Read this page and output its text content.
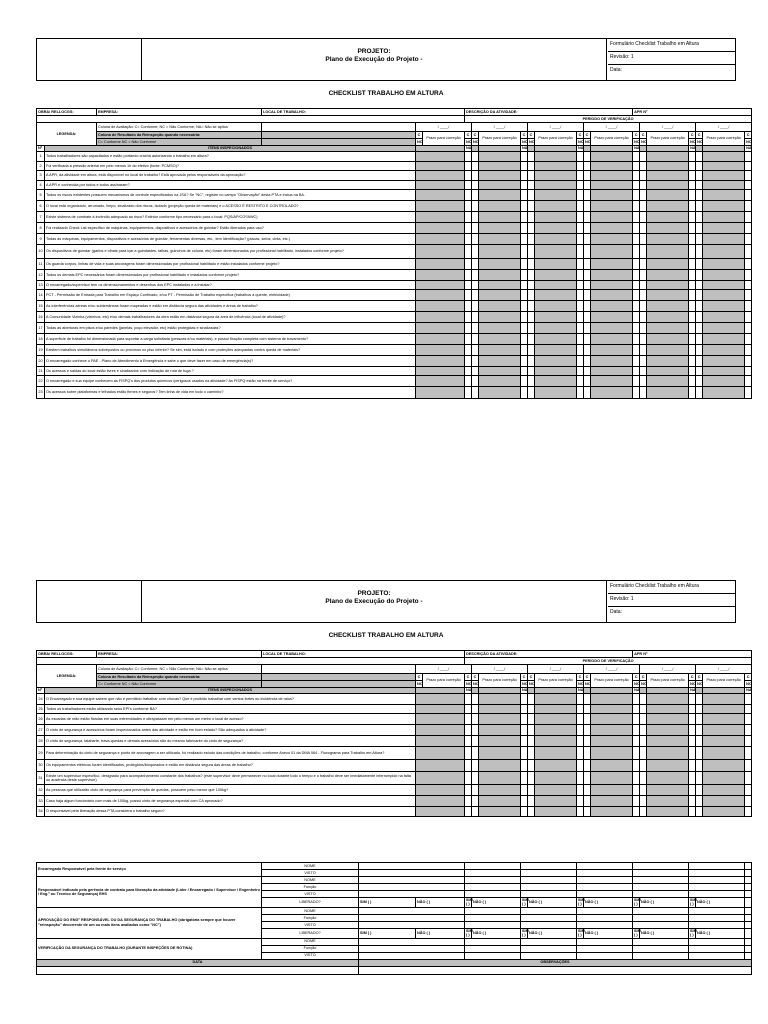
PROJETO:
Plano de Execução do Projeto -
Formulário Checklist Trabalho em Altura
Revisão: 1
Data:
CHECKLIST TRABALHO EM ALTURA
OBRA/ RELLOCGS:		EMPRESA:	LOCAL DE TRABALHO:			DESCRIÇÃO DA ATIVIDADE:									APR Nº							
						PERÍODO DE VERIFICAÇÃO																
LEGENDA:		Coluna de Avaliação: C= Conforme; NC = Não Conforme; NA= Não se aplica		/ ____/			/ ____/			/ ____/			/ ____/			/ ____/			/ ____/			
		Coluna de Resultado da Reinspeção quando necessária:		C	Prazo para correção	C	C	Prazo para correção	C	C	Prazo para correção	C	C	Prazo para correção	C	C	Prazo para correção	C	C	Prazo para correção	C	
		C= Conforme NC = Não Conforme		NC		NC	NC		NC	NC		NC	NC		NC	NC		NC	NC		NC	
Nº	ITENS INSPECIONADOS					NA			NA			NA			NA			NA			NA		
1	Todos trabalhadores são capacitados e estão portando crachá autorizando o trabalho em altura?																					
2	Foi verificada a pressão arterial em pelo menos 1h do efetivo (fonte: PCMSO)?																					
3	A APR, da atividade em altura, está disponível no local de trabalho? Está aprovada pelos responsáveis da aprovação?																					
4	A APR é conhecida por todos e todos assinaram?																					
5	Todos os riscos existentes possuem mecanismos de controle especificados na JSA? Se "NC", registre no campo "Observação" desta PTA e inclua na BA.																					
6	O local está organizado, arrumado, limpo, sinalizado dos riscos, isolado (projeção queda de materiais) e o ACESSO É RESTRITO E CONTROLADO?																					
7	Existe sistema de combate à incêndio adequado ao risco? Extintor conforme tipo necessário para o local: PQS/AP/CO²/AWC)																					
8	Foi realizado Check List específico de máquinas, equipamentos, dispositivos e acessórios de guindar? Estão liberados para uso?																					
9	Todas as máquinas, equipamentos, dispositivos e acessórios de guindar, ferramentas diversas, etc., tem identificação? (placas, selos, cinta, etc.)																					
10	Os dispositivos de guindar (garfos e olhais para içar a guindastes, talhas, guinchos de coluna, etc) foram dimensionados por profissional habilitado, instalados conforme projeto?																					
11	Os guarda corpos, linhas de vida e suas ancoragens foram dimensionadas por profissional habilitado e estão instalados conforme projeto?																					
12	Todos os demais EPC necessários foram dimensionados por profissional habilitado e instalados conforme projeto?																					
13	O encarregado/supervisor tem os dimensionamentos e desenhos dos EPC instalados e a instalar?																					
14	PCT - Permissão de Entrada para Trabalho em Espaço Confinado, e/ou PT - Permissão de Trabalho específica (trabalhos a quente, eletricidade)																					
15	As interferências aéreas e/ou subterrâneas foram mapeadas e estão em distância segura das atividades e áreas de trabalho?																					
16	A Comunidade Vizinha (vizinhos, etc) e/ou demais trabalhadores da obra estão em distância segura da área de influência (local de atividade)?																					
17	Todas as aberturas em pisos e/ou paredes (janelas, poço elevador, etc) estão protegidas e sinalizadas?																					
18	A superfície de trabalho foi dimensionada para suportar a carga solicitada (pessoas e/ou materiais), e possui fixação completa com sistema de travamento?																					
19	Existem trabalhos simultâneos sobrepostos ou próximos no piso inferior? Se sim, está isolado e com proteções adequadas contra queda de materiais?																					
20	O encarregado conhece o PAE - Plano de Atendimento à Emergência e sabe o que deve fazer em caso de emergência(s)?																					
21	Os acessos e saídas do local estão livres e sinalizados com indicação de rota de fuga ?																					
22	O encarregado e sua equipe conhecem as FISPQ's dos produtos químicos /perigosos usados na atividade? As FISPQ estão na frente de serviço?																					
23	Os acessos sobre plataformas e telhados estão firmes e seguros? Tem linha de vida em todo o caminho?																					
PROJETO:
Plano de Execução do Projeto -
Formulário Checklist Trabalho em Altura
Revisão: 1
Data:
CHECKLIST TRABALHO EM ALTURA
OBRA/ RELLOCGS:		EMPRESA:	LOCAL DE TRABALHO:			DESCRIÇÃO DA ATIVIDADE:									APR Nº							
						PERÍODO DE VERIFICAÇÃO																
LEGENDA:		Coluna de Avaliação: C= Conforme; NC = Não Conforme; NA= Não se aplica		/ ____/			/ ____/			/ ____/			/ ____/			/ ____/			/ ____/			
		Coluna de Resultado da Reinspeção quando necessária:		C	Prazo para correção	C	C	Prazo para correção	C	C	Prazo para correção	C	C	Prazo para correção	C	C	Prazo para correção	C	C	Prazo para correção	C	
		C= Conforme NC = Não Conforme		NC		NC	NC		NC	NC		NC	NC		NC	NC		NC	NC		NC	
Nº	ITENS INSPECIONADOS					NA			NA			NA			NA			NA			NA		
24	O Encarregado e sua equipe sabem que não é permitido trabalhar com chuvas? Que é proibido trabalhar com ventos fortes ou incidência de raios?																					
25	Todos os trabalhadores estão utilizando seus EPI's conforme BA?																					
26	As escadas de mão estão fixadas em suas extremidades e ultrapassam em pelo menos um metro o local de acesso?																					
27	O cinto de segurança e acessórios foram inspecionados antes das atividade e estão em bom estado? São adequados à atividade?																					
28	O cinto de segurança, talabarte, trava-quedas e demais acessórios são do mesmo fabricante do cinto de segurança?																					
29	Para determinação do cinto de segurança e ponto de ancoragem a ser utilizado, foi realizado estudo das condições de trabalho, conforme Anexo 01 da DMA 064 - Fluxograma para Trabalho em Altura?																					
30	Os equipamentos elétricos foram identificados, protegidos/bloqueados e estão em distância segura das áreas de trabalho?																					
31	Existe um supervisor específico, designado para acompanhamento constante dos trabalhos? (este supervisor deve permanecer no local durante todo o tempo e o trabalho deve ser imediatamente interrompido na falta ou ausência deste supervisor)																					
32	As pessoas que utilizarão cinto de segurança para prevenção de quedas, possuem peso menor que 100kg?																					
33	Caso haja algum funcionário com mais de 100kg, possui cinto de segurança especial com CA aprovado?																					
34	O responsável pela liberação dessa PTA considera o trabalho seguro?																					
Encarregado Responsável pela frente de serviço	NOME													
	VISTO													
Responsável indicado pela gerência de contrato para liberação da atividade (Líder / Encarregado / Supervisor / Engenheiro / Eng.º ou Técnico de Segurança) EHS	NOME													
	Função													
	VISTO													
	LIBERADO?	SIM ( )	NÃO ( )	SIM ( )	NÃO ( )	SIM ( )	NÃO ( )	SIM ( )	NÃO ( )	SIM ( )	NÃO ( )	SIM ( )	NÃO ( )	
APROVAÇÃO DO ENG° RESPONSÁVEL OU DA SEGURANÇA DO TRABALHO (obrigatória sempre que houver "reinspeção" decorrente de um ou mais itens avaliados como "NC")	NOME													
	Função													
	VISTO													
	LIBERADO?	SIM ( )	NÃO ( )	SIM ( )	NÃO ( )	SIM ( )	NÃO ( )	SIM ( )	NÃO ( )	SIM ( )	NÃO ( )	SIM ( )	NÃO ( )	
VERIFICAÇÃO DA SEGURANÇA DO TRABALHO (DURANTE INSPEÇÕES DE ROTINA)	NOME													
	Função													
	VISTO													
DATA		OBSERVAÇÕES												
